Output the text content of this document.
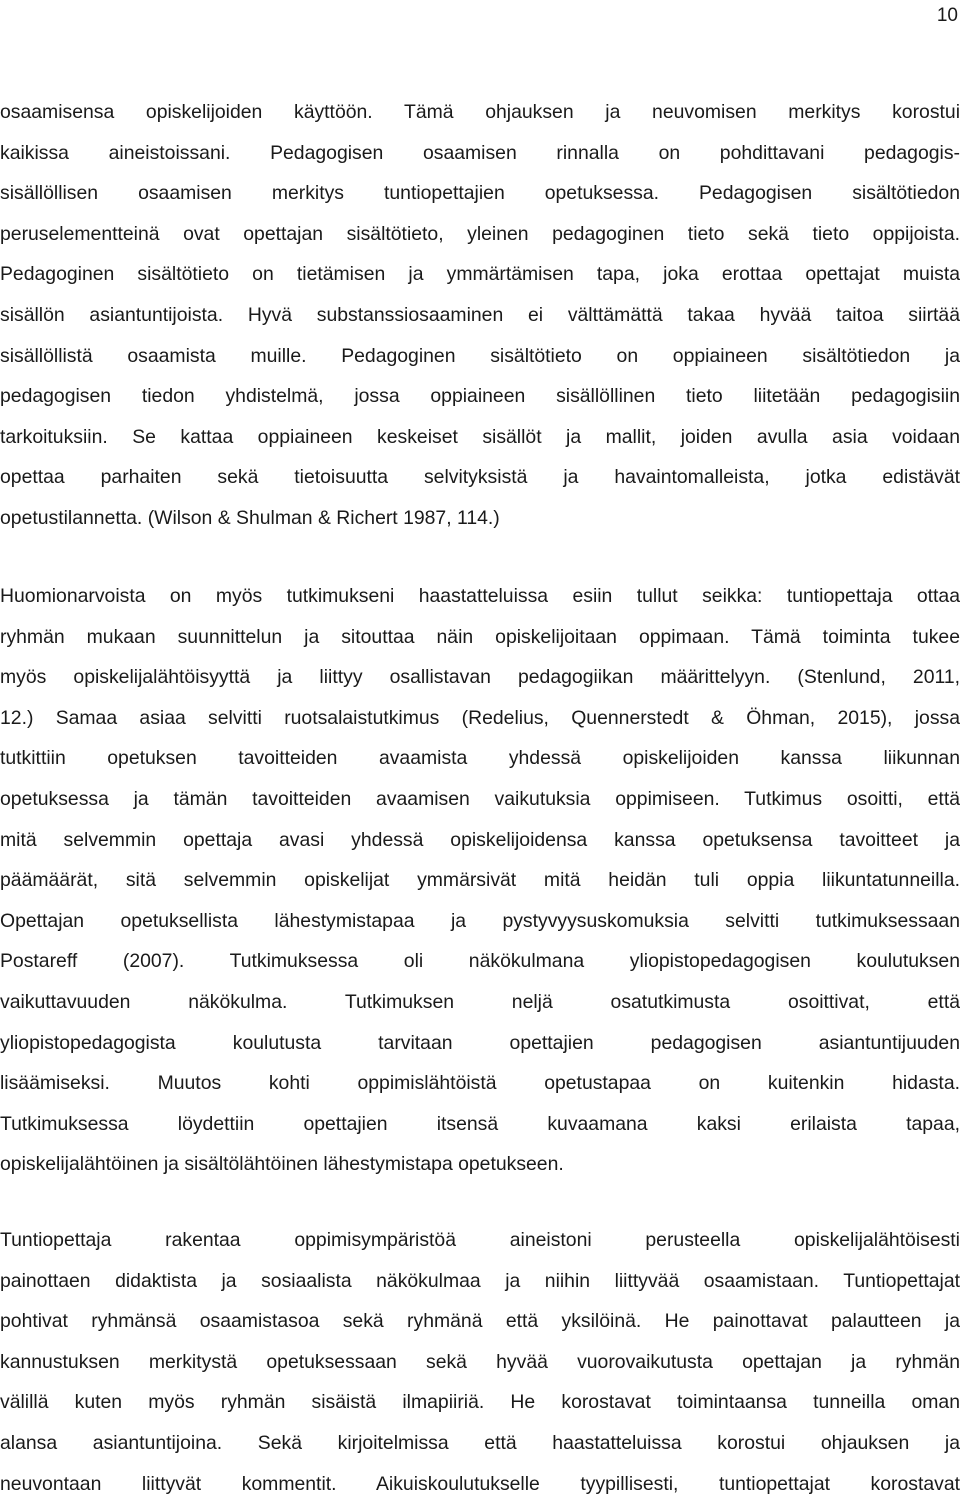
10
osaamisensa opiskelijoiden käyttöön. Tämä ohjauksen ja neuvomisen merkitys korostui
kaikissa aineistoissani. Pedagogisen osaamisen rinnalla on pohdittavani pedagogis-
sisällöllisen osaamisen merkitys tuntiopettajien opetuksessa. Pedagogisen sisältötiedon
peruselementteinä ovat opettajan sisältötieto, yleinen pedagoginen tieto sekä tieto oppijoista.
Pedagoginen sisältötieto on tietämisen ja ymmärtämisen tapa, joka erottaa opettajat muista
sisällön asiantuntijoista. Hyvä substanssiosaaminen ei välttämättä takaa hyvää taitoa siirtää
sisällöllistä osaamista muille. Pedagoginen sisältötieto on oppiaineen sisältötiedon ja
pedagogisen tiedon yhdistelmä, jossa oppiaineen sisällöllinen tieto liitetään pedagogisiin
tarkoituksiin. Se kattaa oppiaineen keskeiset sisällöt ja mallit, joiden avulla asia voidaan
opettaa parhaiten sekä tietoisuutta selvityksistä ja havaintomalleista, jotka edistävät
opetustilannetta. (Wilson & Shulman & Richert 1987, 114.)
Huomionarvoista on myös tutkimukseni haastatteluissa esiin tullut seikka: tuntiopettaja ottaa
ryhmän mukaan suunnittelun ja sitouttaa näin opiskelijoitaan oppimaan. Tämä toiminta tukee
myös opiskelijalähtöisyyttä ja liittyy osallistavan pedagogiikan määrittelyyn. (Stenlund, 2011,
12.) Samaa asiaa selvitti ruotsalaistutkimus (Redelius, Quennerstedt & Öhman, 2015), jossa
tutkittiin opetuksen tavoitteiden avaamista yhdessä opiskelijoiden kanssa liikunnan
opetuksessa ja tämän tavoitteiden avaamisen vaikutuksia oppimiseen. Tutkimus osoitti, että
mitä selvemmin opettaja avasi yhdessä opiskelijoidensa kanssa opetuksensa tavoitteet ja
päämäärät, sitä selvemmin opiskelijat ymmärsivät mitä heidän tuli oppia liikuntatunneilla.
Opettajan opetuksellista lähestymistapaa ja pystyvyysuskomuksia selvitti tutkimuksessaan
Postareff (2007). Tutkimuksessa oli näkökulmana yliopistopedagogisen koulutuksen
vaikuttavuuden näkökulma. Tutkimuksen neljä osatutkimusta osoittivat, että
yliopistopedagogista koulutusta tarvitaan opettajien pedagogisen asiantuntijuuden
lisäämiseksi. Muutos kohti oppimislähtöistä opetustapaa on kuitenkin hidasta.
Tutkimuksessa löydettiin opettajien itsensä kuvaamana kaksi erilaista tapaa,
opiskelijalähtöinen ja sisältölähtöinen lähestymistapa opetukseen.
Tuntiopettaja rakentaa oppimisympäristöä aineistoni perusteella opiskelijalähtöisesti
painottaen didaktista ja sosiaalista näkökulmaa ja niihin liittyvää osaamistaan. Tuntiopettajat
pohtivat ryhmänsä osaamistasoa sekä ryhmänä että yksilöinä. He painottavat palautteen ja
kannustuksen merkitystä opetuksessaan sekä hyvää vuorovaikutusta opettajan ja ryhmän
välillä kuten myös ryhmän sisäistä ilmapiiriä. He korostavat toimintaansa tunneilla oman
alansa asiantuntijoina. Sekä kirjoitelmissa että haastatteluissa korostui ohjauksen ja
neuvontaan liittyvät kommentit. Aikuiskoulutukselle tyypillisesti, tuntiopettajat korostavat
